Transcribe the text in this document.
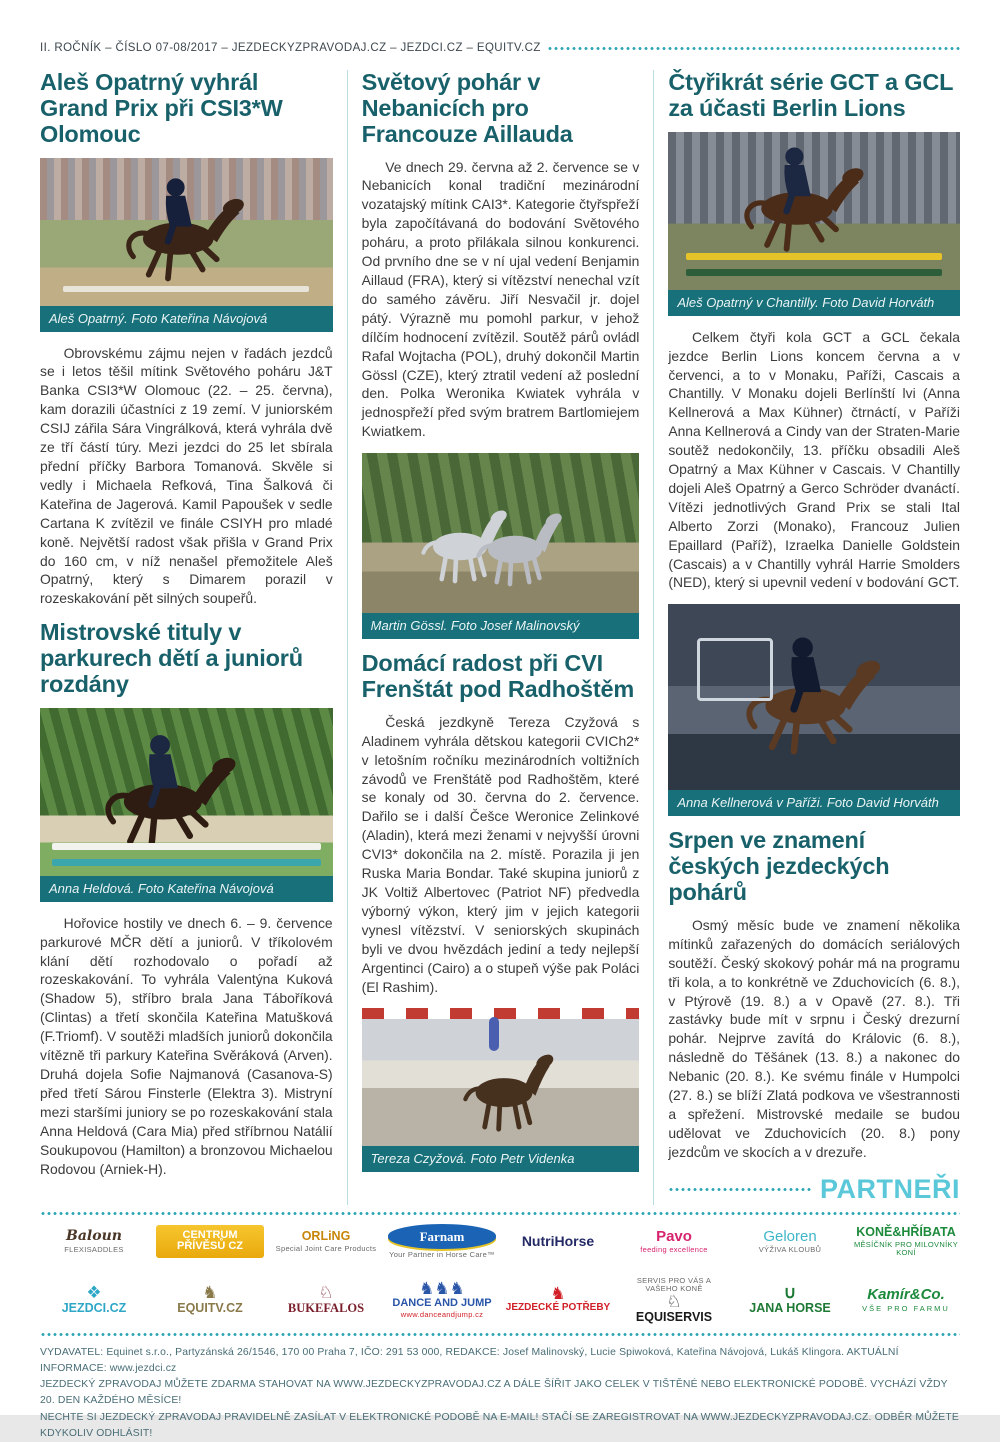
II. ROČNÍK – ČÍSLO 07-08/2017 – JEZDECKYZPRAVODAJ.CZ – JEZDCI.CZ – EQUITV.CZ
Aleš Opatrný vyhrál Grand Prix při CSI3*W Olomouc
Aleš Opatrný. Foto Kateřina Návojová

Obrovskému zájmu nejen v řadách jezdců se i letos těšil mítink Světového poháru J&T Banka CSI3*W Olomouc (22. – 25. června), kam dorazili účastníci z 19 zemí. V juniorském CSIJ zářila Sára Vingrálková, která vyhrála dvě ze tří částí túry. Mezi jezdci do 25 let sbírala přední příčky Barbora Tomanová. Skvěle si vedly i Michaela Refková, Tina Šalková či Kateřina de Jagerová. Kamil Papoušek v sedle Cartana K zvítězil ve finále CSIYH pro mladé koně. Největší radost však přišla v Grand Prix do 160 cm, v níž nenašel přemožitele Aleš Opatrný, který s Dimarem porazil v rozeskakování pět silných soupeřů.

Mistrovské tituly v parkurech dětí a juniorů rozdány
Anna Heldová. Foto Kateřina Návojová

Hořovice hostily ve dnech 6. – 9. července parkurové MČR dětí a juniorů. V tříkolovém klání dětí rozhodovalo o pořadí až rozeskakování. To vyhrála Valentýna Kuková (Shadow 5), stříbro brala Jana Táboříková (Clintas) a třetí skončila Kateřina Matušková (F.Triomf). V soutěži mladších juniorů dokončila vítězně tři parkury Kateřina Svěráková (Arven). Druhá dojela Sofie Najmanová (Casanova-S) před třetí Sárou Finsterle (Elektra 3). Mistryní mezi staršími juniory se po rozeskakování stala Anna Heldová (Cara Mia) před stříbrnou Natálií Soukupovou (Hamilton) a bronzovou Michaelou Rodovou (Arniek-H).

Světový pohár v Nebanicích pro Francouze Aillauda

Ve dnech 29. června až 2. července se v Nebanicích konal tradiční mezinárodní vozatajský mítink CAI3*. Kategorie čtyřspřeží byla započítávaná do bodování Světového poháru, a proto přilákala silnou konkurenci. Od prvního dne se v ní ujal vedení Benjamin Aillaud (FRA), který si vítězství nenechal vzít do samého závěru. Jiří Nesvačil jr. dojel pátý. Výrazně mu pomohl parkur, v jehož dílčím hodnocení zvítězil. Soutěž párů ovládl Rafal Wojtacha (POL), druhý dokončil Martin Gössl (CZE), který ztratil vedení až poslední den. Polka Weronika Kwiatek vyhrála v jednospřeží před svým bratrem Bartlomiejem Kwiatkem.

Martin Gössl. Foto Josef Malinovský
Domácí radost při CVI Frenštát pod Radhoštěm

Česká jezdkyně Tereza Czyžová s Aladinem vyhrála dětskou kategorii CVICh2* v letošním ročníku mezinárodních voltižních závodů ve Frenštátě pod Radhoštěm, které se konaly od 30. června do 2. července. Dařilo se i další Češce Weronice Zelinkové (Aladin), která mezi ženami v nejvyšší úrovni CVI3* dokončila na 2. místě. Porazila ji jen Ruska Maria Bondar. Také skupina juniorů z JK Voltiž Albertovec (Patriot NF) předvedla výborný výkon, který jim v jejich kategorii vynesl vítězství. V seniorských skupinách byli ve dvou hvězdách jediní a tedy nejlepší Argentinci (Cairo) a o stupeň výše pak Poláci (El Rashim).

Tereza Czyžová. Foto Petr Videnka
Čtyřikrát série GCT a GCL za účasti Berlin Lions
Aleš Opatrný v Chantilly. Foto David Horváth

Celkem čtyři kola GCT a GCL čekala jezdce Berlin Lions koncem června a v červenci, a to v Monaku, Paříži, Cascais a Chantilly. V Monaku dojeli Berlínští lvi (Anna Kellnerová a Max Kühner) čtrnáctí, v Paříži Anna Kellnerová a Cindy van der Straten-Marie soutěž nedokončily, 13. příčku obsadili Aleš Opatrný a Max Kühner v Cascais. V Chantilly dojeli Aleš Opatrný a Gerco Schröder dvanáctí. Vítězi jednotlivých Grand Prix se stali Ital Alberto Zorzi (Monako), Francouz Julien Epaillard (Paříž), Izraelka Danielle Goldstein (Cascais) a v Chantilly vyhrál Harrie Smolders (NED), který si upevnil vedení v bodování GCT.

Anna Kellnerová v Paříži. Foto David Horváth
Srpen ve znamení českých jezdeckých pohárů

Osmý měsíc bude ve znamení několika mítinků zařazených do domácích seriálových soutěží. Český skokový pohár má na programu tři kola, a to konkrétně ve Zduchovicích (6. 8.), v Ptýrově (19. 8.) a v Opavě (27. 8.). Tři zastávky bude mít v srpnu i Český drezurní pohár. Nejprve zavítá do Královic (6. 8.), následně do Těšánek (13. 8.) a nakonec do Nebanic (20. 8.). Ke svému finále v Humpolci (27. 8.) se blíží Zlatá podkova ve všestrannosti a spřežení. Mistrovské medaile se budou udělovat ve Zduchovicích (20. 8.) pony jezdcům ve skocích a v drezuře.

PARTNEŘI
Baloun
FLEXISADDLES
CENTRUM PŘÍVĚSŮ CZ
ORLiNG
Special Joint Care Products
Farnam
Your Partner in Horse Care™
NutriHorse	Pavo
feeding excellence
Geloren
VÝŽIVA KLOUBŮ
KONĚ&HŘÍBATA
MĚSÍČNÍK PRO MILOVNÍKY KONÍ
❖
JEZDCI.CZ
♞
EQUITV.CZ
♘
BUKEFALOS
♞♞♞
DANCE AND JUMP
www.danceandjump.cz
♞
JEZDECKÉ POTŘEBY
SERVIS PRO VÁS A VAŠEHO KONĚ
♘
EQUISERVIS
∪
JANA HORSE
Kamír&Co.
VŠE PRO FARMU
VYDAVATEL: Equinet s.r.o., Partyzánská 26/1546, 170 00 Praha 7, IČO: 291 53 000, REDAKCE: Josef Malinovský, Lucie Spiwoková, Kateřina Návojová, Lukáš Klingora. AKTUÁLNÍ INFORMACE: www.jezdci.cz
JEZDECKÝ ZPRAVODAJ MŮŽETE ZDARMA STAHOVAT NA WWW.JEZDECKYZPRAVODAJ.CZ A DÁLE ŠÍŘIT JAKO CELEK V TIŠTĚNÉ NEBO ELEKTRONICKÉ PODOBĚ. VYCHÁZÍ VŽDY 20. DEN KAŽDÉHO MĚSÍCE!
NECHTE SI JEZDECKÝ ZPRAVODAJ PRAVIDELNĚ ZASÍLAT V ELEKTRONICKÉ PODOBĚ NA E-MAIL! STAČÍ SE ZAREGISTROVAT NA WWW.JEZDECKYZPRAVODAJ.CZ. ODBĚR MŮŽETE KDYKOLIV ODHLÁSIT!
